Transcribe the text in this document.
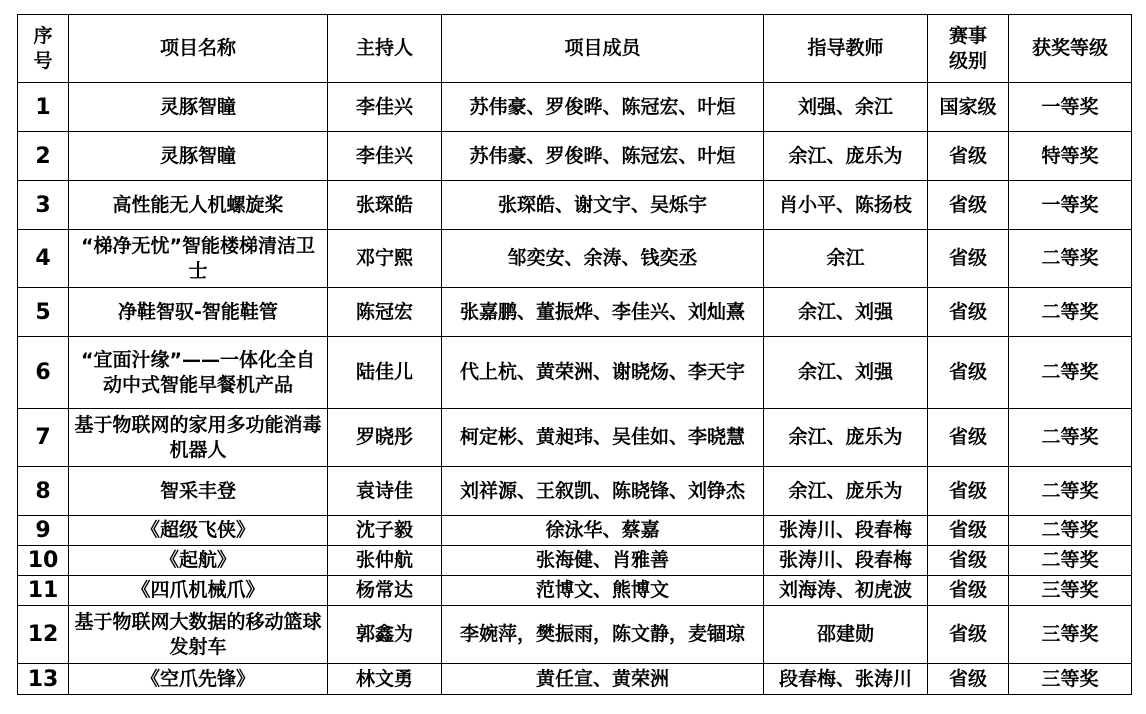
序号	项目名称	主持人	项目成员	指导教师	赛事级别	获奖等级
1	灵豚智瞳	李佳兴	苏伟豪、罗俊晔、陈冠宏、叶烜	刘强、余江	国家级	一等奖
2	灵豚智瞳	李佳兴	苏伟豪、罗俊晔、陈冠宏、叶烜	余江、庞乐为	省级	特等奖
3	高性能无人机螺旋桨	张琛皓	张琛皓、谢文宇、吴烁宇	肖小平、陈扬枝	省级	一等奖
4	“梯净无忧”智能楼梯清洁卫士	邓宁熙	邹奕安、余涛、钱奕丞	余江	省级	二等奖
5	净鞋智驭-智能鞋管	陈冠宏	张嘉鹏、董振烨、李佳兴、刘灿熹	余江、刘强	省级	二等奖
6	“宜面汁缘”——一体化全自动中式智能早餐机产品	陆佳儿	代上杭、黄荣洲、谢晓炀、李天宇	余江、刘强	省级	二等奖
7	基于物联网的家用多功能消毒机器人	罗晓彤	柯定彬、黄昶玮、吴佳如、李晓慧	余江、庞乐为	省级	二等奖
8	智采丰登	袁诗佳	刘祥源、王叙凯、陈晓锋、刘铮杰	余江、庞乐为	省级	二等奖
9	《超级飞侠》	沈子毅	徐泳华、蔡嘉	张涛川、段春梅	省级	二等奖
10	《起航》	张仲航	张海健、肖雅善	张涛川、段春梅	省级	二等奖
11	《四爪机械爪》	杨常达	范博文、熊博文	刘海涛、初虎波	省级	三等奖
12	基于物联网大数据的移动篮球发射车	郭鑫为	李婉萍，樊振雨，陈文静，麦锢琼	邵建勋	省级	三等奖
13	《空爪先锋》	林文勇	黄任宣、黄荣洲	段春梅、张涛川	省级	三等奖
